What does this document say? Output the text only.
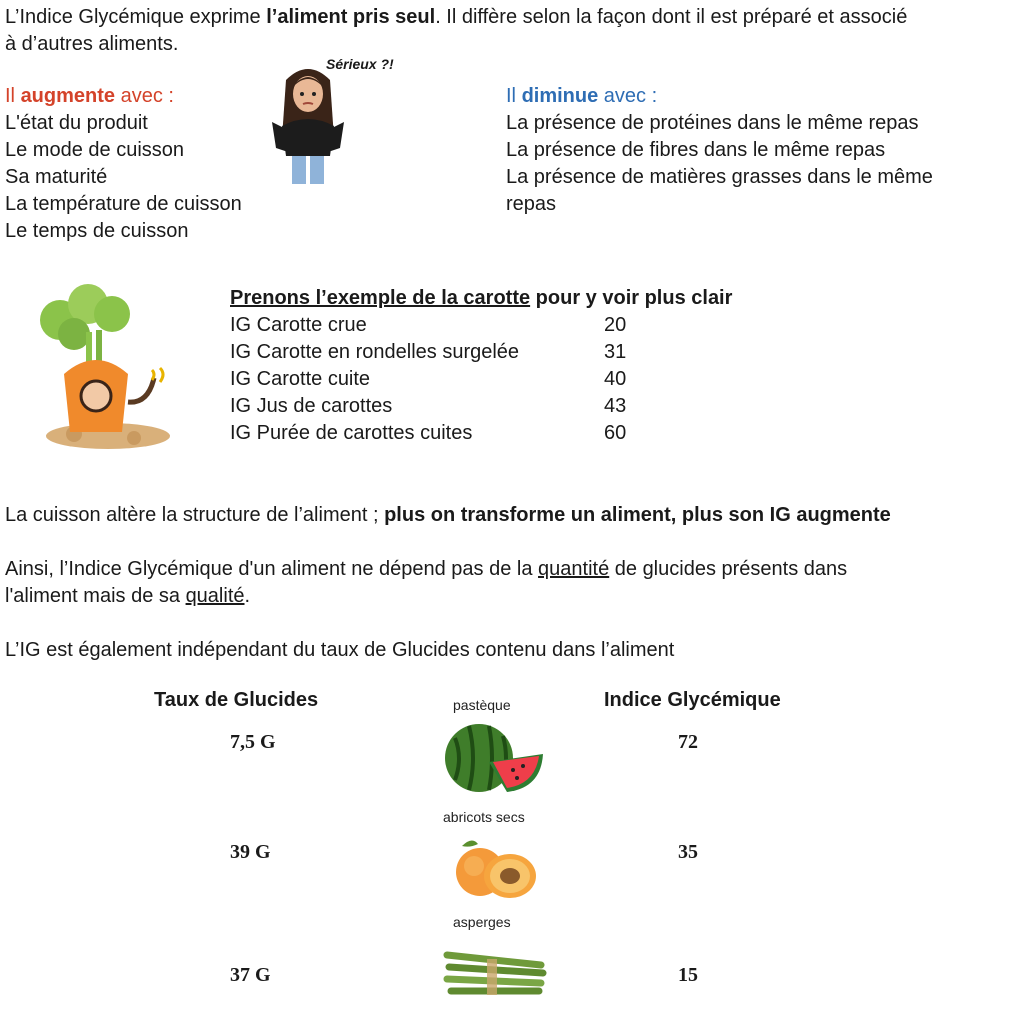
L’Indice Glycémique exprime l’aliment pris seul. Il diffère selon la façon dont il est préparé et associé
à d’autres aliments.
Sérieux ?!
Il augmente avec :
L'état du produit
Le mode de cuisson
Sa maturité
La température de cuisson
Le temps de cuisson
Il diminue avec :
La présence de protéines dans le même repas
La présence de fibres dans le même repas
La présence de matières grasses dans le même
repas
Prenons l’exemple de la carotte pour y voir plus clair
IG Carotte crue	20
IG Carotte en rondelles surgelée	31
IG Carotte cuite	40
IG Jus de carottes	43
IG Purée de carottes cuites	60
La cuisson altère la structure de l’aliment ; plus on transforme un aliment, plus son IG augmente
Ainsi, l’Indice Glycémique d'un aliment ne dépend pas de la quantité de glucides présents dans
l'aliment mais de sa qualité.
L’IG est également indépendant du taux de Glucides contenu dans l’aliment
Taux de Glucides	Indice Glycémique
pastèque
7,5 G	72
abricots secs
39 G	35
asperges
37 G	15
